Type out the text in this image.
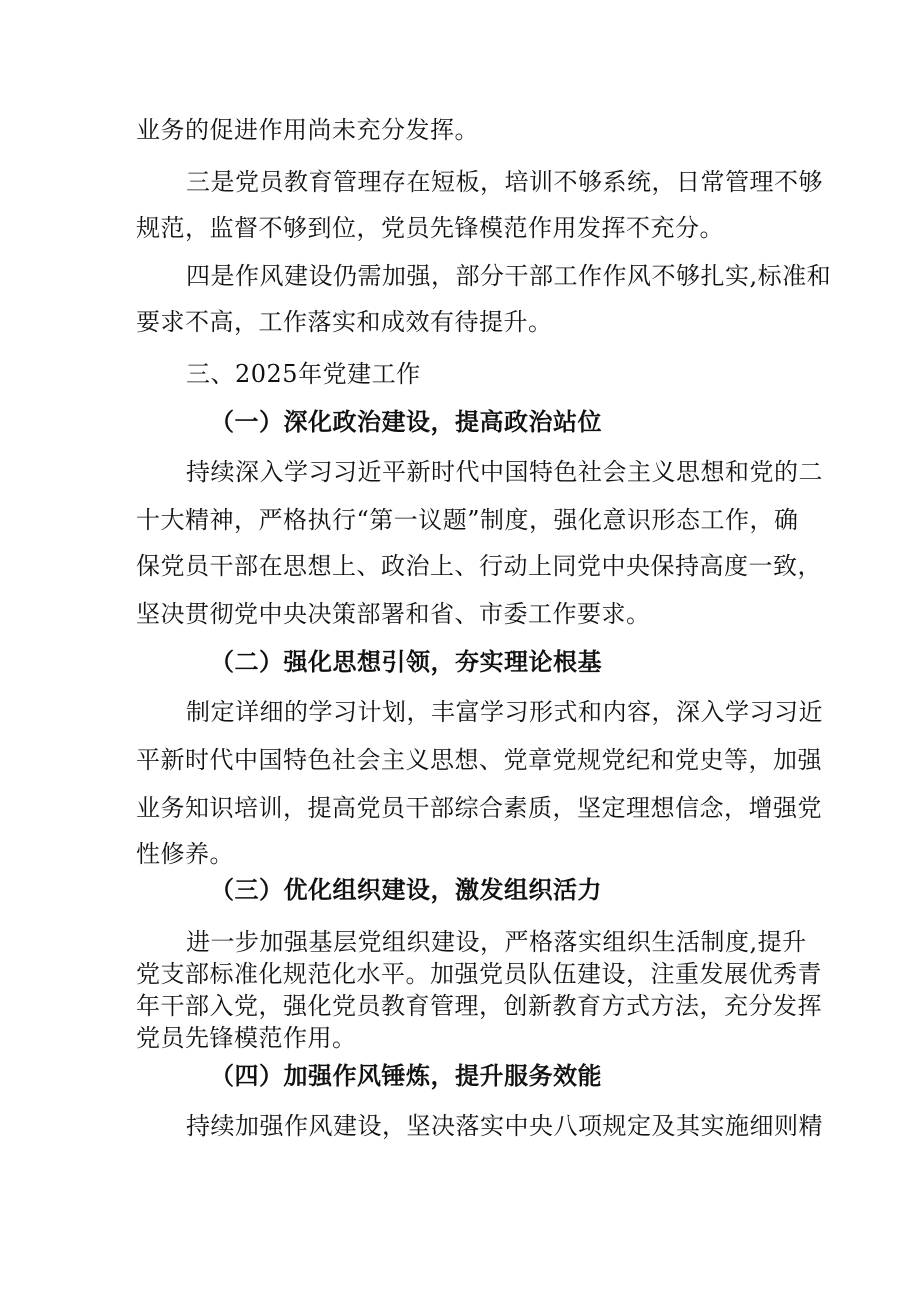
业务的促进作用尚未充分发挥。
三是党员教育管理存在短板，培训不够系统，日常管理不够
规范，监督不够到位，党员先锋模范作用发挥不充分。
四是作风建设仍需加强，部分干部工作作风不够扎实,标准和
要求不高，工作落实和成效有待提升。
三、2025年党建工作
（一）深化政治建设，提高政治站位
持续深入学习习近平新时代中国特色社会主义思想和党的二
十大精神，严格执行“第一议题”制度，强化意识形态工作，确
保党员干部在思想上、政治上、行动上同党中央保持高度一致，
坚决贯彻党中央决策部署和省、市委工作要求。
（二）强化思想引领，夯实理论根基
制定详细的学习计划，丰富学习形式和内容，深入学习习近
平新时代中国特色社会主义思想、党章党规党纪和党史等，加强
业务知识培训，提高党员干部综合素质，坚定理想信念，增强党
性修养。
（三）优化组织建设，激发组织活力
进一步加强基层党组织建设，严格落实组织生活制度,提升
党支部标准化规范化水平。加强党员队伍建设，注重发展优秀青
年干部入党，强化党员教育管理，创新教育方式方法，充分发挥
党员先锋模范作用。
（四）加强作风锤炼，提升服务效能
持续加强作风建设，坚决落实中央八项规定及其实施细则精
